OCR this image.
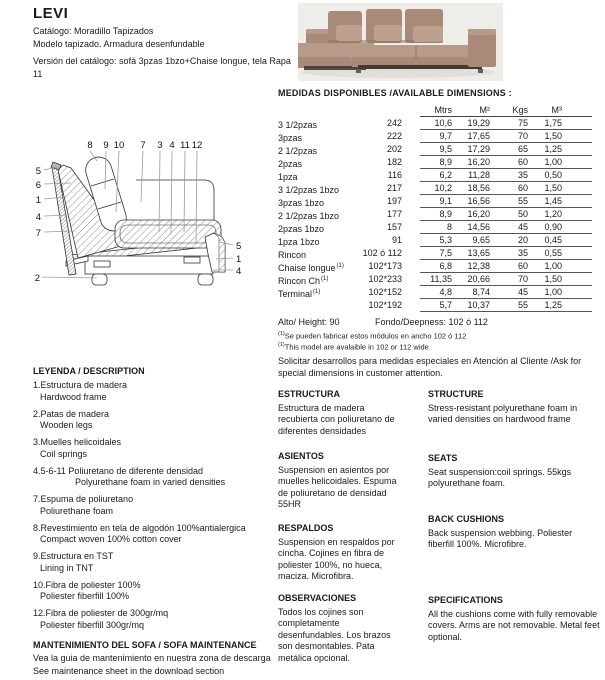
LEVI
Catálogo: Moradillo Tapizados
Modelo tapizado. Armadura desenfundable
Versión del catálogo: sofá 3pzas 1bzo+Chaise longue, tela Rapa 11
MEDIDAS DISPONIBLES /AVAILABLE DIMENSIONS :
Mtrs	M²	Kgs	M³
3 1/2pzas	242	10,6	19,29	75	1,75
3pzas	222	9,7	17,65	70	1,50
2 1/2pzas	202	9,5	17,29	65	1,25
2pzas	182	8,9	16,20	60	1,00
1pza	116	6,2	11,28	35	0,50
3 1/2pzas 1bzo	217	10,2	18,56	60	1,50
3pzas 1bzo	197	9,1	16,56	55	1,45
2 1/2pzas 1bzo	177	8,9	16,20	50	1,20
2pzas 1bzo	157	8	14,56	45	0,90
1pza 1bzo	91	5,3	9,65	20	0,45
Rincon	102 ó 112	7,5	13,65	35	0,55
Chaise longue$^{(1)}$	102*173	6,8	12,38	60	1,00
Rincon Ch$^{(1)}$	102*233	11,35	20,66	70	1,50
Terminal$^{(1)}$	102*152	4,8	8,74	45	1,00
102*192	5,7	10,37	55	1,25
Alto/ Height: 90	Fondo/Deepness: 102 ó 112
$^{(1)}$Se pueden fabricar estos módulos en ancho 102 ó 112
$^{(1)}$This model are avalaible in 102 or 112 wide
Solicitar desarrollos para medidas especiales en Atención al Cliente /Ask for special dimensions in customer attention.
8 9 10 7 3 4 11 12
5
6
1
4
7
5
1
4
2
LEYENDA / DESCRIPTION
1.Estructura de madera
Hardwood frame
2.Patas de madera
Wooden legs
3.Muelles helicoidales
Coil springs
4.5-6-11 Poliuretano de diferente densidad
Polyurethane foam in varied densities
7.Espuma de poliuretano
Poliurethane foam
8.Revestimiento en tela de algodón 100%antialergica
Compact woven 100% cotton cover
9.Estructura en TST
Lining in TNT
10.Fibra de poliester 100%
Poliester fiberfill 100%
12.Fibra de poliester de 300gr/mq
Poliester fiberfill 300gr/mq
MANTENIMIENTO DEL SOFA / SOFA MAINTENANCE
Vea la guia de mantenimiento en nuestra zona de descarga
See maintenance sheet in the download section
ESTRUCTURA
Estructura de madera recubierta con poliuretano de diferentes densidades
STRUCTURE
Stress-resistant polyurethane foam in varied densities on hardwood frame
ASIENTOS
Suspension en asientos por muelles helicoidales. Espuma de poliuretano de densidad 55HR
SEATS
Seat suspension:coil springs. 55kgs polyurethane foam.
RESPALDOS
Suspension en respaldos por cincha. Cojines en fibra de poliester 100%, no hueca, maciza. Microfibra.
BACK CUSHIONS
Back suspension webbing. Poliester fiberfill 100%. Microfibre.
OBSERVACIONES
Todos los cojines son completamente desenfundables. Los brazos son desmontables. Pata metálica opcional.
SPECIFICATIONS
All the cushions come with fully removable covers. Arms are not removable. Metal feet optional.
